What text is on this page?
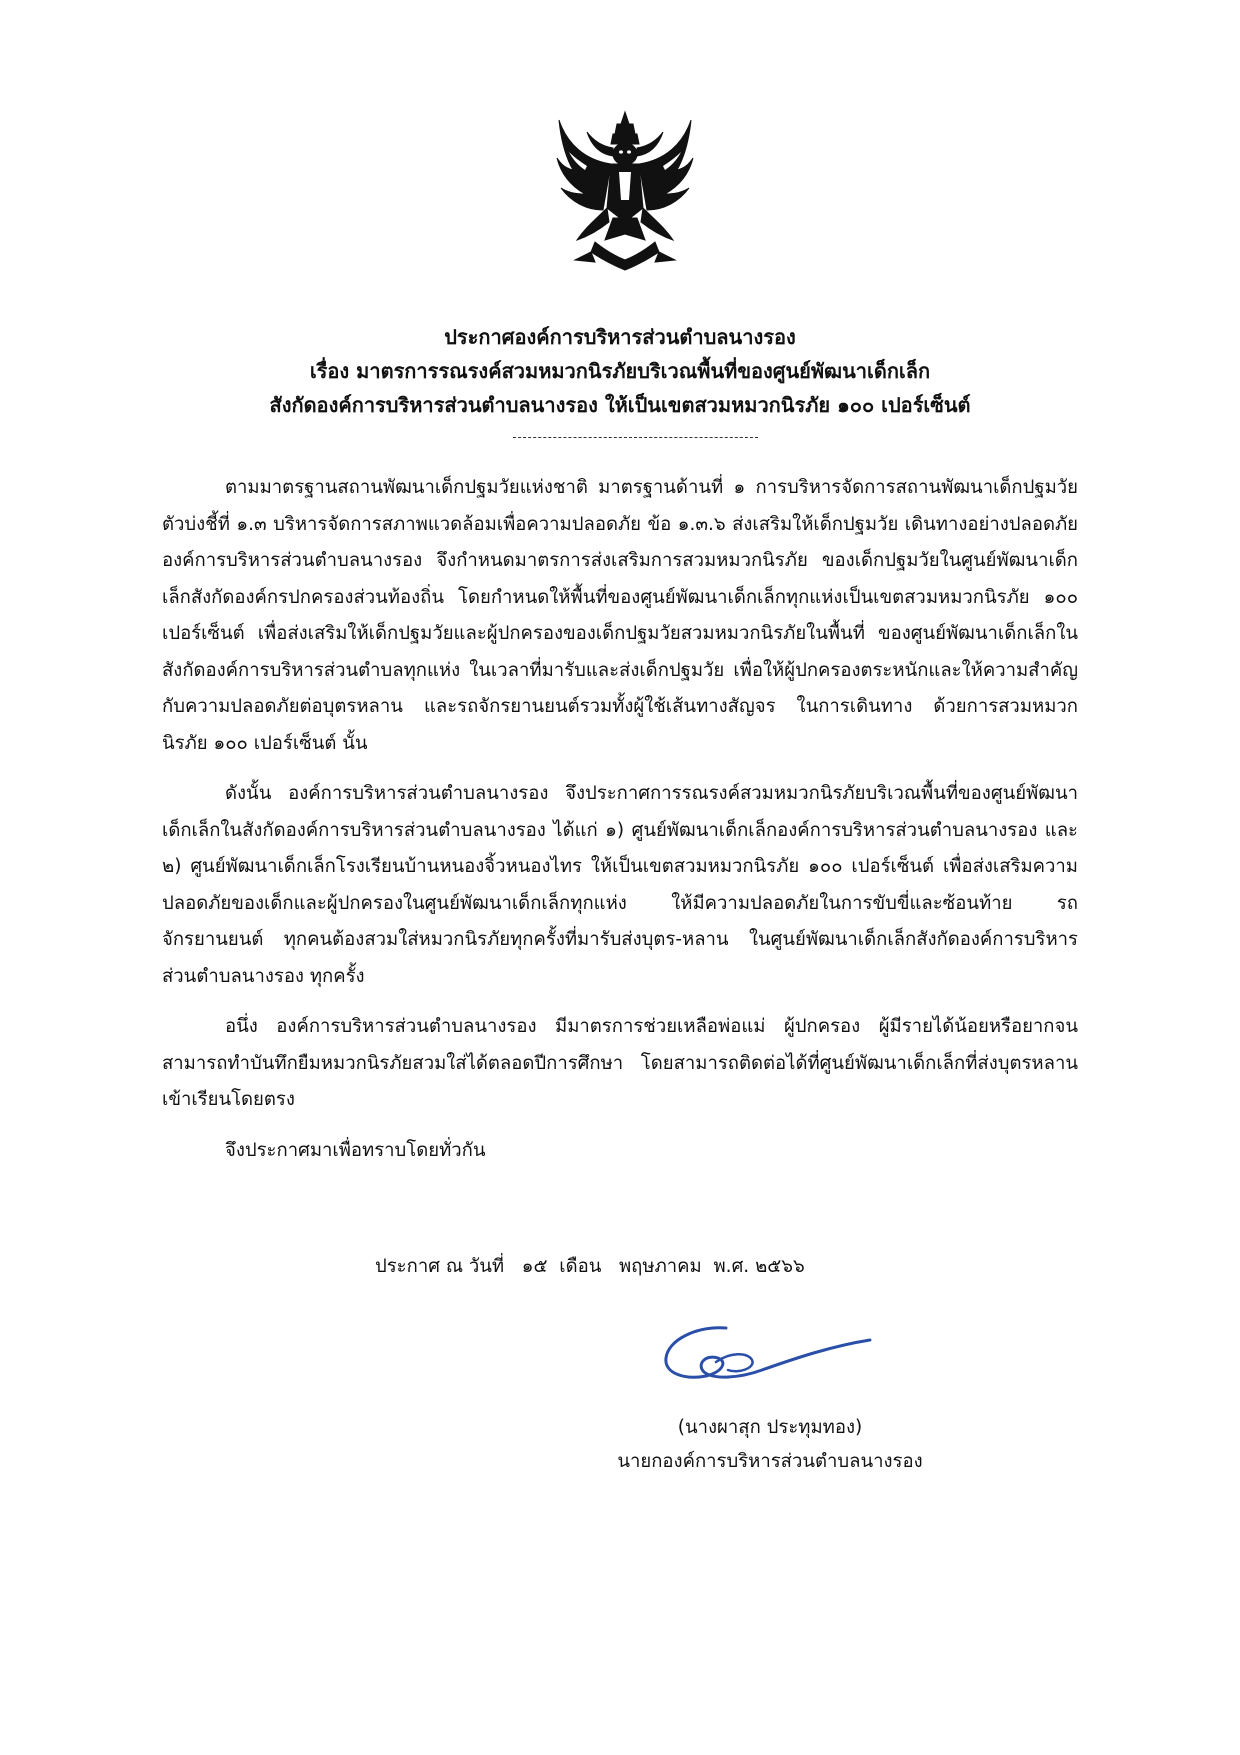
ประกาศองค์การบริหารส่วนตำบลนางรอง
เรื่อง มาตรการรณรงค์สวมหมวกนิรภัยบริเวณพื้นที่ของศูนย์พัฒนาเด็กเล็ก
สังกัดองค์การบริหารส่วนตำบลนางรอง ให้เป็นเขตสวมหมวกนิรภัย ๑๐๐ เปอร์เซ็นต์

ตามมาตรฐานสถานพัฒนาเด็กปฐมวัยแห่งชาติ มาตรฐานด้านที่ ๑ การบริหารจัดการสถานพัฒนาเด็กปฐมวัย ตัวบ่งชี้ที่ ๑.๓ บริหารจัดการสภาพแวดล้อมเพื่อความปลอดภัย ข้อ ๑.๓.๖ ส่งเสริมให้เด็กปฐมวัย เดินทางอย่างปลอดภัย องค์การบริหารส่วนตำบลนางรอง จึงกำหนดมาตรการส่งเสริมการสวมหมวกนิรภัย ของเด็กปฐมวัยในศูนย์พัฒนาเด็กเล็กสังกัดองค์กรปกครองส่วนท้องถิ่น โดยกำหนดให้พื้นที่ของศูนย์พัฒนาเด็กเล็กทุกแห่งเป็นเขตสวมหมวกนิรภัย ๑๐๐ เปอร์เซ็นต์ เพื่อส่งเสริมให้เด็กปฐมวัยและผู้ปกครองของเด็กปฐมวัยสวมหมวกนิรภัยในพื้นที่ ของศูนย์พัฒนาเด็กเล็กในสังกัดองค์การบริหารส่วนตำบลทุกแห่ง ในเวลาที่มารับและส่งเด็กปฐมวัย เพื่อให้ผู้ปกครองตระหนักและให้ความสำคัญกับความปลอดภัยต่อบุตรหลาน และรถจักรยานยนต์รวมทั้งผู้ใช้เส้นทางสัญจร ในการเดินทาง ด้วยการสวมหมวกนิรภัย ๑๐๐ เปอร์เซ็นต์ นั้น

ดังนั้น องค์การบริหารส่วนตำบลนางรอง จึงประกาศการรณรงค์สวมหมวกนิรภัยบริเวณพื้นที่ของศูนย์พัฒนาเด็กเล็กในสังกัดองค์การบริหารส่วนตำบลนางรอง ได้แก่ ๑) ศูนย์พัฒนาเด็กเล็กองค์การบริหารส่วนตำบลนางรอง และ ๒) ศูนย์พัฒนาเด็กเล็กโรงเรียนบ้านหนองจิ้วหนองไทร ให้เป็นเขตสวมหมวกนิรภัย ๑๐๐ เปอร์เซ็นต์ เพื่อส่งเสริมความปลอดภัยของเด็กและผู้ปกครองในศูนย์พัฒนาเด็กเล็กทุกแห่ง ให้มีความปลอดภัยในการขับขี่และซ้อนท้าย รถจักรยานยนต์ ทุกคนต้องสวมใส่หมวกนิรภัยทุกครั้งที่มารับส่งบุตร-หลาน ในศูนย์พัฒนาเด็กเล็กสังกัดองค์การบริหารส่วนตำบลนางรอง ทุกครั้ง

อนึ่ง องค์การบริหารส่วนตำบลนางรอง มีมาตรการช่วยเหลือพ่อแม่ ผู้ปกครอง ผู้มีรายได้น้อยหรือยากจนสามารถทำบันทึกยืมหมวกนิรภัยสวมใส่ได้ตลอดปีการศึกษา โดยสามารถติดต่อได้ที่ศูนย์พัฒนาเด็กเล็กที่ส่งบุตรหลานเข้าเรียนโดยตรง

จึงประกาศมาเพื่อทราบโดยทั่วกัน

ประกาศ ณ วันที่   ๑๕  เดือน   พฤษภาคม  พ.ศ. ๒๕๖๖
(นางผาสุก ประทุมทอง)
นายกองค์การบริหารส่วนตำบลนางรอง
